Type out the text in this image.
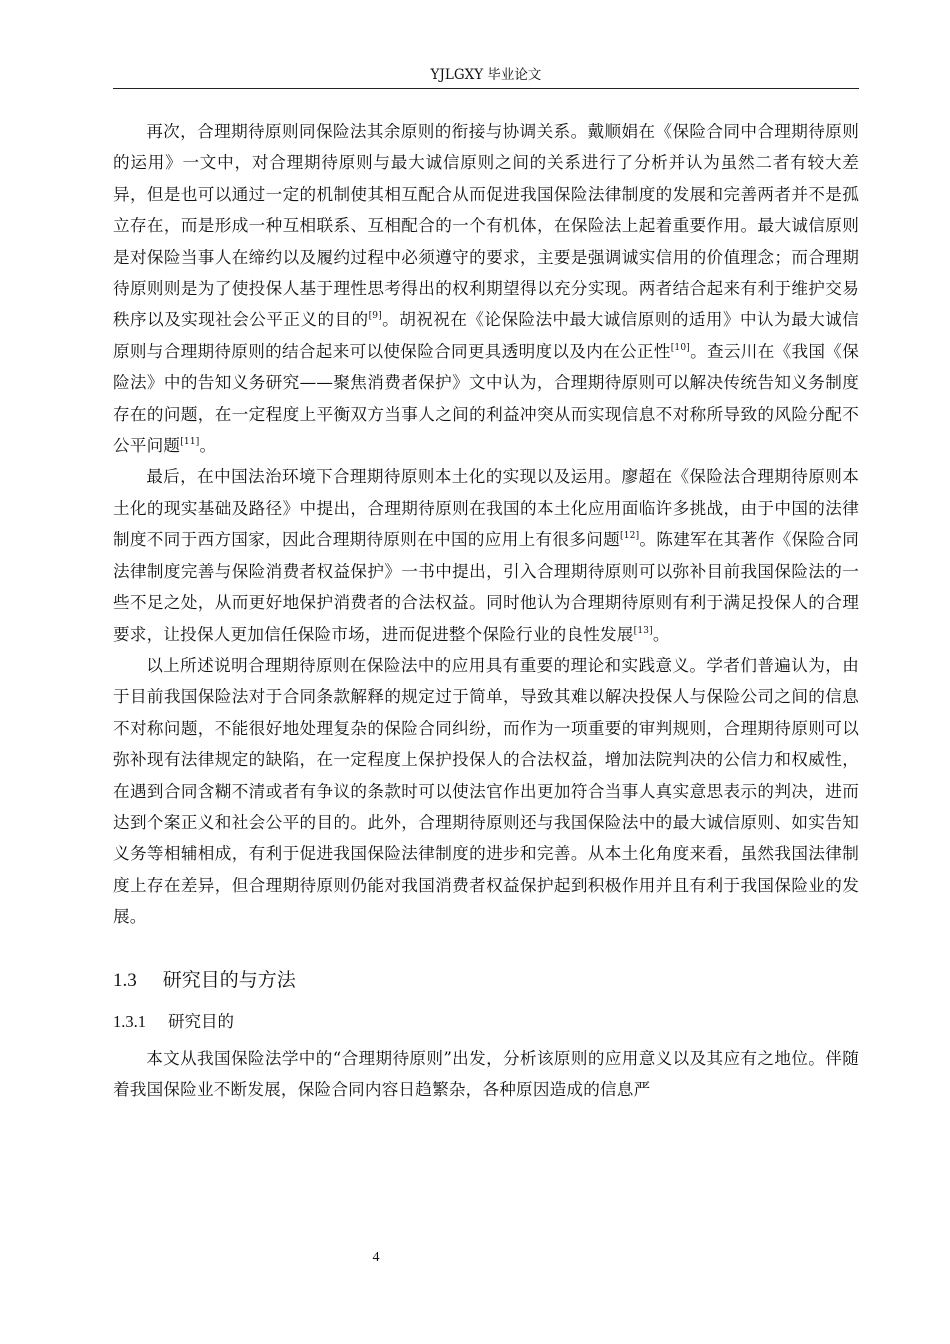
YJLGXY 毕业论文

再次，合理期待原则同保险法其余原则的衔接与协调关系。戴顺娟在《保险合同中合理期待原则的运用》一文中，对合理期待原则与最大诚信原则之间的关系进行了分析并认为虽然二者有较大差异，但是也可以通过一定的机制使其相互配合从而促进我国保险法律制度的发展和完善两者并不是孤立存在，而是形成一种互相联系、互相配合的一个有机体，在保险法上起着重要作用。最大诚信原则是对保险当事人在缔约以及履约过程中必须遵守的要求，主要是强调诚实信用的价值理念；而合理期待原则则是为了使投保人基于理性思考得出的权利期望得以充分实现。两者结合起来有利于维护交易秩序以及实现社会公平正义的目的[9]。胡祝祝在《论保险法中最大诚信原则的适用》中认为最大诚信原则与合理期待原则的结合起来可以使保险合同更具透明度以及内在公正性[10]。查云川在《我国《保险法》中的告知义务研究——聚焦消费者保护》文中认为，合理期待原则可以解决传统告知义务制度存在的问题，在一定程度上平衡双方当事人之间的利益冲突从而实现信息不对称所导致的风险分配不公平问题[11]。

最后，在中国法治环境下合理期待原则本土化的实现以及运用。廖超在《保险法合理期待原则本土化的现实基础及路径》中提出，合理期待原则在我国的本土化应用面临许多挑战，由于中国的法律制度不同于西方国家，因此合理期待原则在中国的应用上有很多问题[12]。陈建军在其著作《保险合同法律制度完善与保险消费者权益保护》一书中提出，引入合理期待原则可以弥补目前我国保险法的一些不足之处，从而更好地保护消费者的合法权益。同时他认为合理期待原则有利于满足投保人的合理要求，让投保人更加信任保险市场，进而促进整个保险行业的良性发展[13]。

以上所述说明合理期待原则在保险法中的应用具有重要的理论和实践意义。学者们普遍认为，由于目前我国保险法对于合同条款解释的规定过于简单，导致其难以解决投保人与保险公司之间的信息不对称问题，不能很好地处理复杂的保险合同纠纷，而作为一项重要的审判规则，合理期待原则可以弥补现有法律规定的缺陷，在一定程度上保护投保人的合法权益，增加法院判决的公信力和权威性，在遇到合同含糊不清或者有争议的条款时可以使法官作出更加符合当事人真实意思表示的判决，进而达到个案正义和社会公平的目的。此外，合理期待原则还与我国保险法中的最大诚信原则、如实告知义务等相辅相成，有利于促进我国保险法律制度的进步和完善。从本土化角度来看，虽然我国法律制度上存在差异，但合理期待原则仍能对我国消费者权益保护起到积极作用并且有利于我国保险业的发展。

1.3 研究目的与方法
1.3.1 研究目的

本文从我国保险法学中的“合理期待原则”出发，分析该原则的应用意义以及其应有之地位。伴随着我国保险业不断发展，保险合同内容日趋繁杂，各种原因造成的信息严

4
